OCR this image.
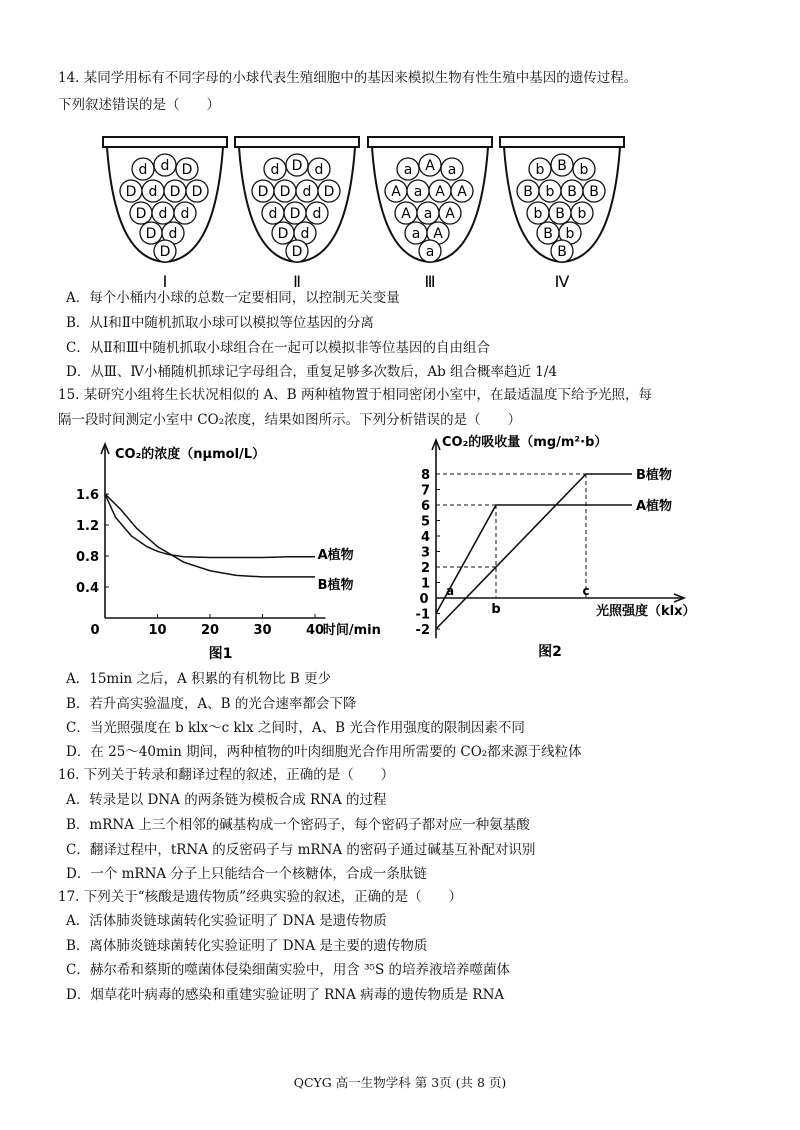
14. 某同学用标有不同字母的小球代表生殖细胞中的基因来模拟生物有性生殖中基因的遗传过程。
下列叙述错误的是（　　）
d d D
D d D D
D d d
D d
D
Ⅰ
d D d
D D d D
d D d
D d
D
Ⅱ
a A a
A a A A
A a A
a A
a
Ⅲ
b B b
B b B B
b B b
B b
B
Ⅳ
A．每个小桶内小球的总数一定要相同，以控制无关变量
B．从Ⅰ和Ⅱ中随机抓取小球可以模拟等位基因的分离
C．从Ⅱ和Ⅲ中随机抓取小球组合在一起可以模拟非等位基因的自由组合
D．从Ⅲ、Ⅳ小桶随机抓球记字母组合，重复足够多次数后，Ab 组合概率趋近 1/4
15. 某研究小组将生长状况相似的 A、B 两种植物置于相同密闭小室中，在最适温度下给予光照，每
隔一段时间测定小室中 CO₂浓度，结果如图所示。下列分析错误的是（　　）
CO₂的浓度（nμmol/L）
0	10	20	30	40
时间/min
0.4
0.8
1.2
1.6
A植物
B植物
图1
CO₂的吸收量（mg/m²·b）
-2
-1
1
2
3
4
5
6
7
8
0
A植物
B植物
a
b
c
光照强度（klx）
图2
A．15min 之后，A 积累的有机物比 B 更少
B．若升高实验温度，A、B 的光合速率都会下降
C．当光照强度在 b klx～c klx 之间时，A、B 光合作用强度的限制因素不同
D．在 25～40min 期间，两种植物的叶肉细胞光合作用所需要的 CO₂都来源于线粒体
16. 下列关于转录和翻译过程的叙述，正确的是（　　）
A．转录是以 DNA 的两条链为模板合成 RNA 的过程
B．mRNA 上三个相邻的碱基构成一个密码子，每个密码子都对应一种氨基酸
C．翻译过程中，tRNA 的反密码子与 mRNA 的密码子通过碱基互补配对识别
D．一个 mRNA 分子上只能结合一个核糖体，合成一条肽链
17. 下列关于“核酸是遗传物质”经典实验的叙述，正确的是（　　）
A．活体肺炎链球菌转化实验证明了 DNA 是遗传物质
B．离体肺炎链球菌转化实验证明了 DNA 是主要的遗传物质
C．赫尔希和蔡斯的噬菌体侵染细菌实验中，用含 ³⁵S 的培养液培养噬菌体
D．烟草花叶病毒的感染和重建实验证明了 RNA 病毒的遗传物质是 RNA
QCYG 高一生物学科 第 3页 (共 8 页)
